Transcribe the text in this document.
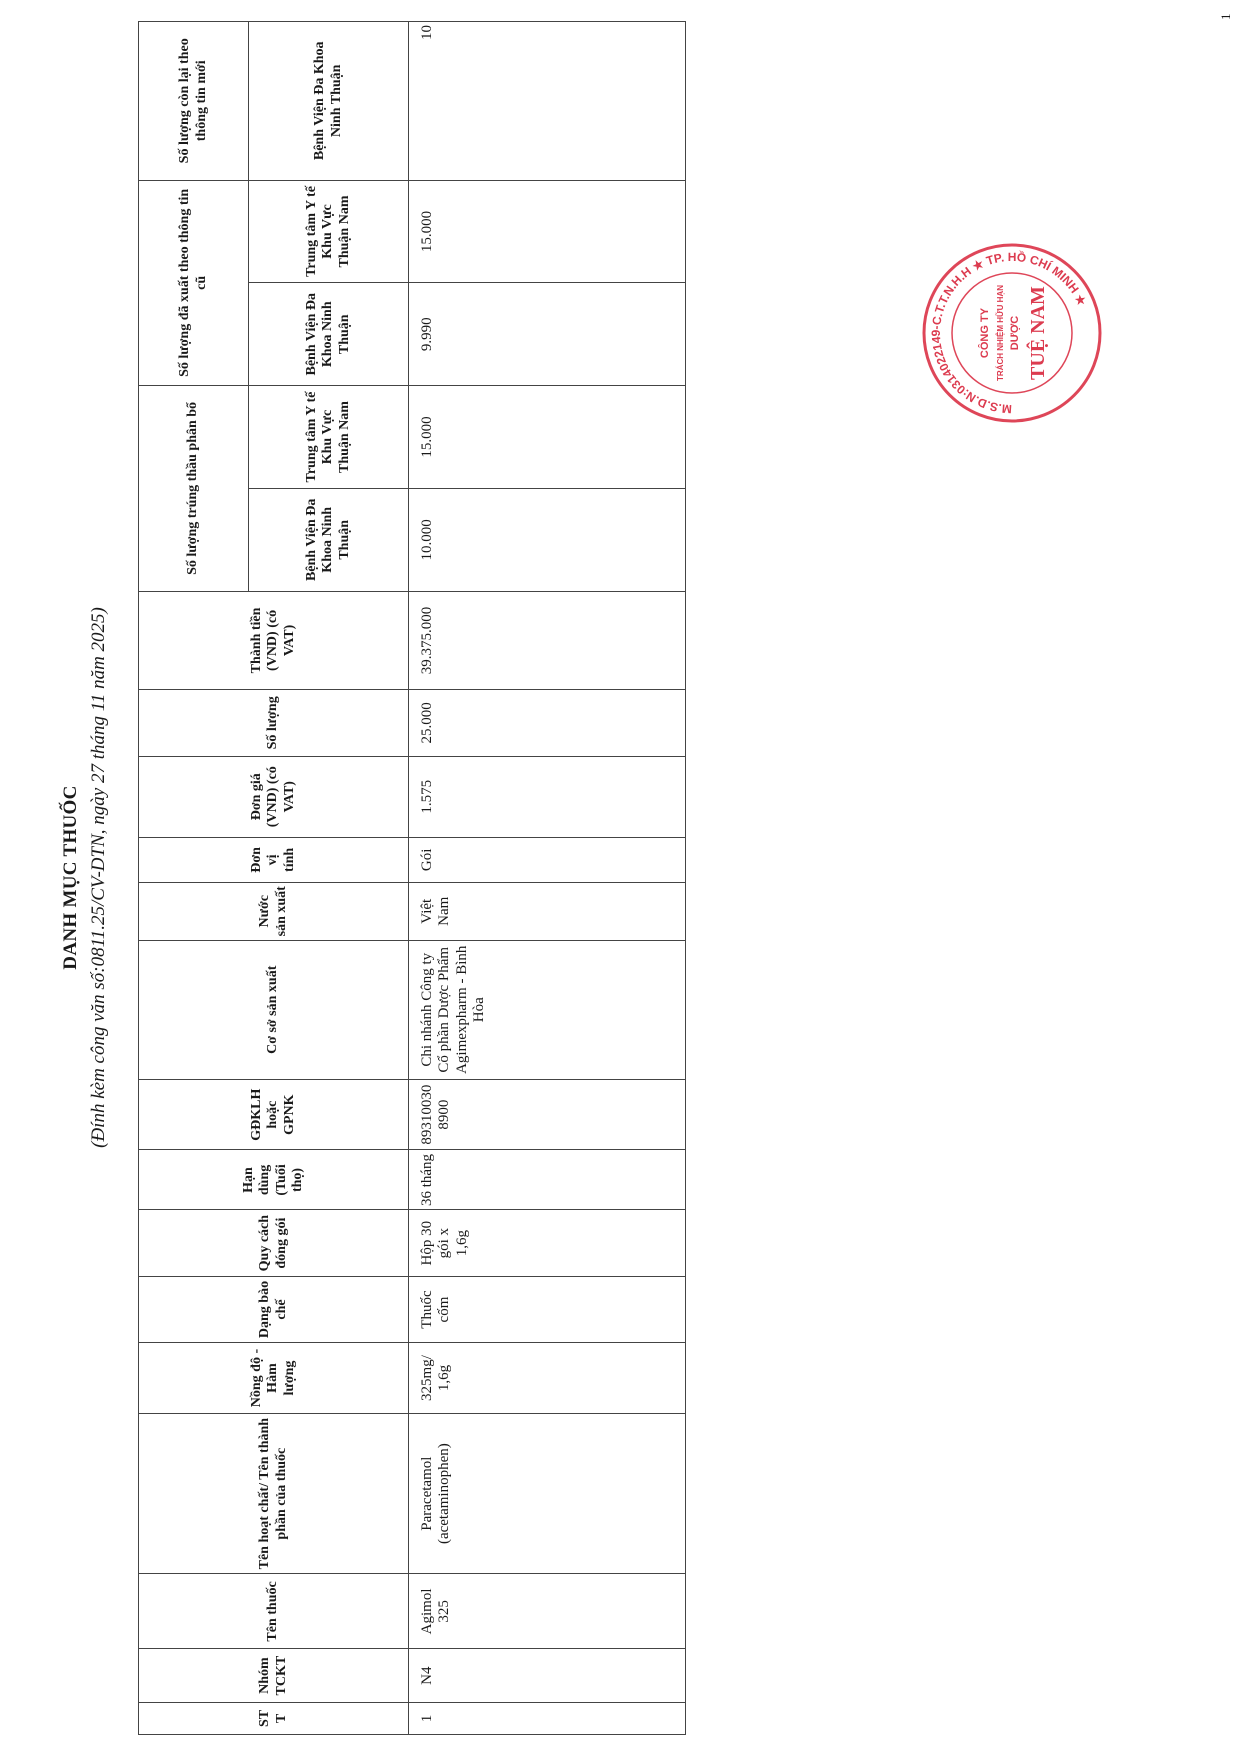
DANH MỤC THUỐC (Đính kèm công văn số:0811.25/CV-DTN, ngày 27 tháng 11 năm 2025)
1
STT	Nhóm TCKT	Tên thuốc	Tên hoạt chất/ Tên thành phần của thuốc	Nồng độ - Hàm lượng	Dạng bào chế	Quy cách đóng gói	Hạn dùng (Tuổi thọ)	GĐKLH hoặc GPNK	Cơ sở sản xuất	Nước sản xuất	Đơn vị tính	Đơn giá (VND) (có VAT)	Số lượng	Thành tiền (VND) (có VAT)	Số lượng trúng thầu phân bổ		Số lượng đã xuất theo thông tin cũ		Số lượng còn lại theo thông tin mới
															Bệnh Viện Đa Khoa Ninh Thuận	Trung tâm Y tế Khu Vực Thuận Nam	Bệnh Viện Đa Khoa Ninh Thuận	Trung tâm Y tế Khu Vực Thuận Nam	Bệnh Viện Đa Khoa Ninh Thuận
1	N4	Agimol 325	Paracetamol (acetaminophen)	325mg/ 1,6g	Thuốc cốm	Hộp 30 gói x 1,6g	36 tháng	893100308900	Chi nhánh Công ty Cổ phần Dược Phẩm Agimexpharm - Bình Hòa	Việt Nam	Gói	1.575	25.000	39.375.000	10.000	15.000	9.990	15.000	10
M.S.D.N:0314022149-C.T.T.N.H.H ★ TP. HỒ CHÍ MINH ★
CÔNG TY TRÁCH NHIỆM HỮU HẠN DƯỢC TUỆ NAM
